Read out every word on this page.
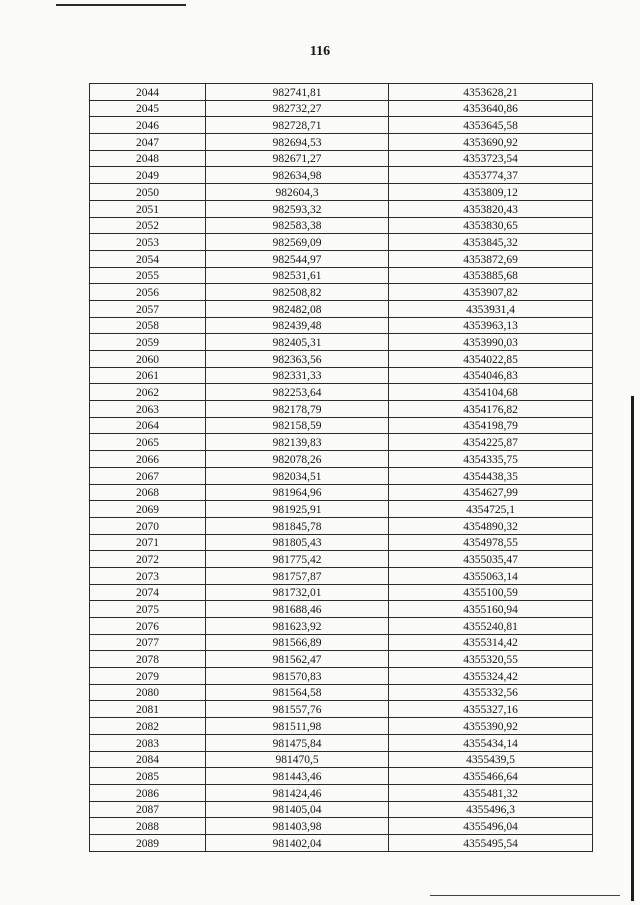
116
2044	982741,81	4353628,21
2045	982732,27	4353640,86
2046	982728,71	4353645,58
2047	982694,53	4353690,92
2048	982671,27	4353723,54
2049	982634,98	4353774,37
2050	982604,3	4353809,12
2051	982593,32	4353820,43
2052	982583,38	4353830,65
2053	982569,09	4353845,32
2054	982544,97	4353872,69
2055	982531,61	4353885,68
2056	982508,82	4353907,82
2057	982482,08	4353931,4
2058	982439,48	4353963,13
2059	982405,31	4353990,03
2060	982363,56	4354022,85
2061	982331,33	4354046,83
2062	982253,64	4354104,68
2063	982178,79	4354176,82
2064	982158,59	4354198,79
2065	982139,83	4354225,87
2066	982078,26	4354335,75
2067	982034,51	4354438,35
2068	981964,96	4354627,99
2069	981925,91	4354725,1
2070	981845,78	4354890,32
2071	981805,43	4354978,55
2072	981775,42	4355035,47
2073	981757,87	4355063,14
2074	981732,01	4355100,59
2075	981688,46	4355160,94
2076	981623,92	4355240,81
2077	981566,89	4355314,42
2078	981562,47	4355320,55
2079	981570,83	4355324,42
2080	981564,58	4355332,56
2081	981557,76	4355327,16
2082	981511,98	4355390,92
2083	981475,84	4355434,14
2084	981470,5	4355439,5
2085	981443,46	4355466,64
2086	981424,46	4355481,32
2087	981405,04	4355496,3
2088	981403,98	4355496,04
2089	981402,04	4355495,54
